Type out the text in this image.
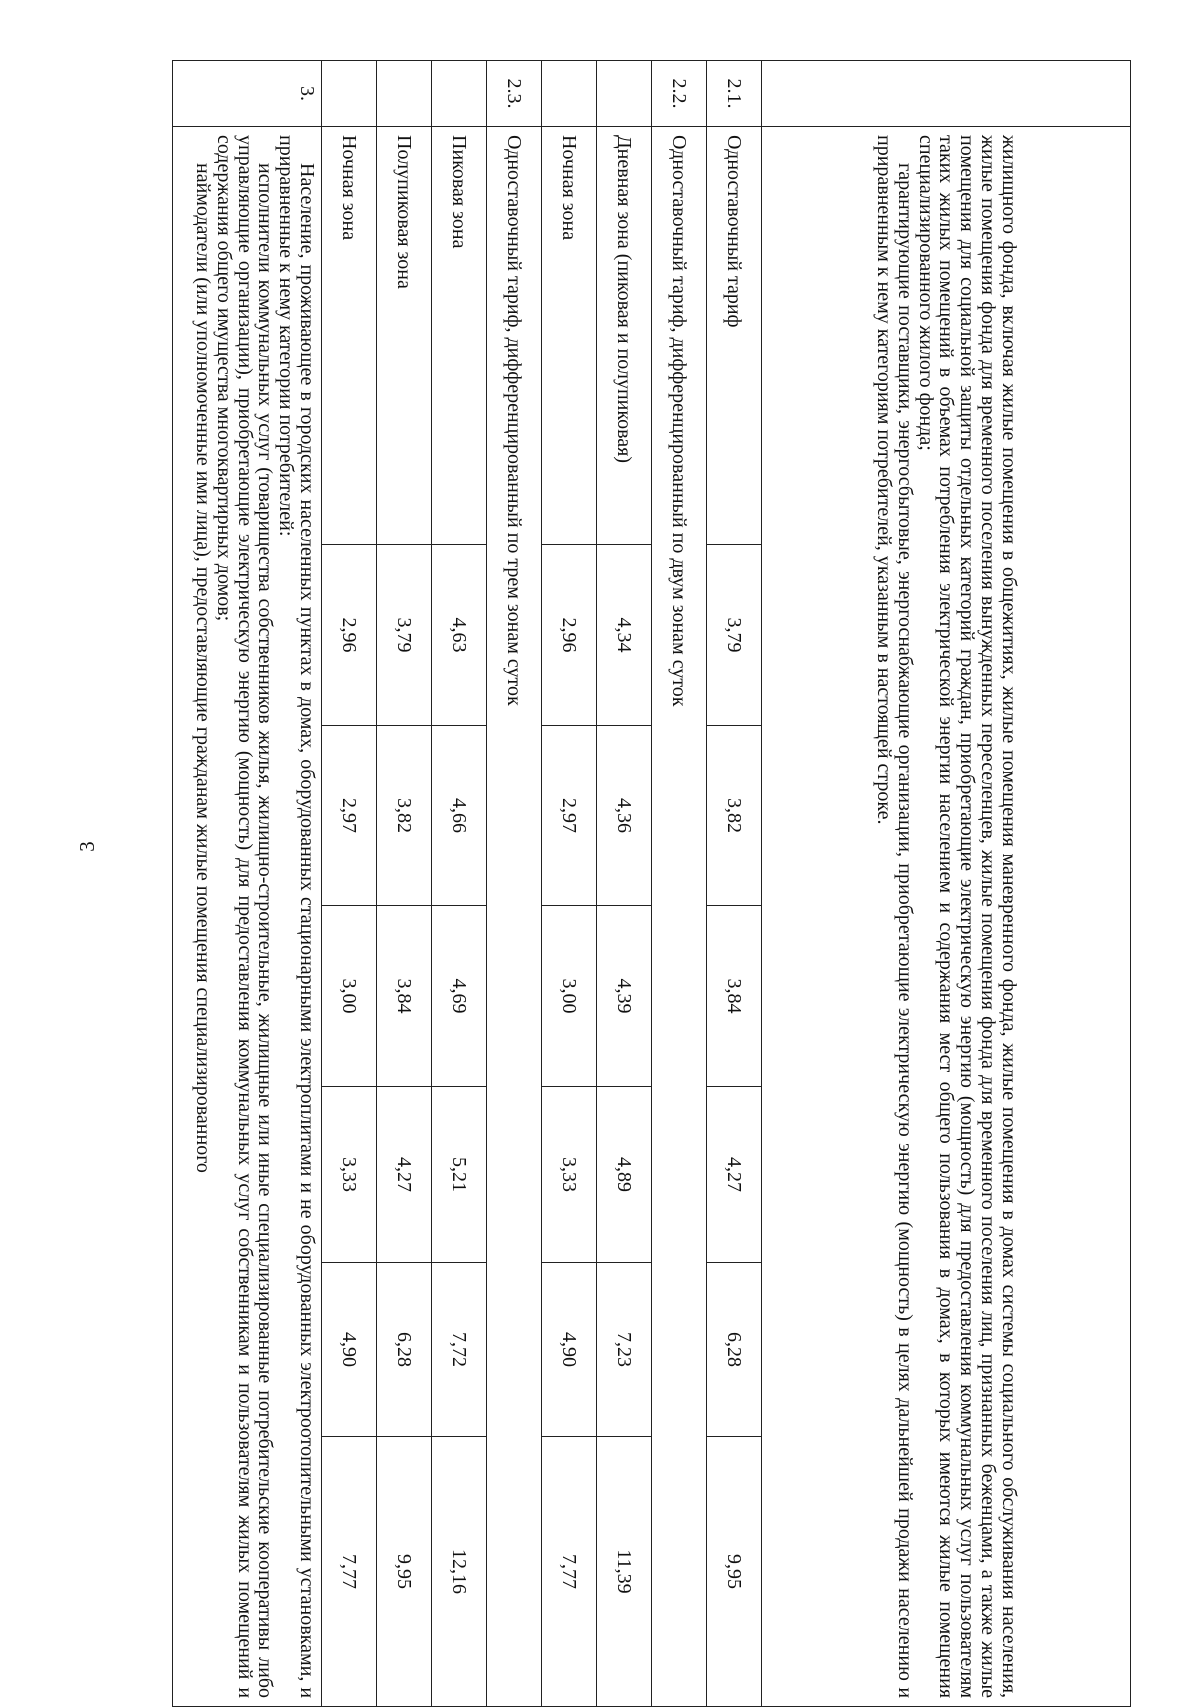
3

	жилищного фонда, включая жилые помещения в общежитиях, жилые помещения маневренного фонда, жилые помещения в домах системы социального обслуживания населения, жилые помещения фонда для временного поселения вынужденных переселенцев, жилые помещения фонда для временного поселения лиц, признанных беженцами, а также жилые помещения для социальной защиты отдельных категорий граждан, приобретающие электрическую энергию (мощность) для предоставления коммунальных услуг пользователям таких жилых помещений в объемах потребления электрической энергии населением и содержания мест общего пользования в домах, в которых имеются жилые помещения специализированного жилого фонда;
гарантирующие поставщики, энергосбытовые, энергоснабжающие организации, приобретающие электрическую энергию (мощность) в целях дальнейшей продажи населению и приравненным к нему категориям потребителей, указанным в настоящей строке.						

2.1.	Одноставочный тариф	3,79	3,82	3,84	4,27	6,28	9,95
2.2.	Одноставочный тариф, дифференцированный по двум зонам суток						
	Дневная зона (пиковая и полупиковая)	4,34	4,36	4,39	4,89	7,23	11,39
	Ночная зона	2,96	2,97	3,00	3,33	4,90	7,77
2.3.	Одноставочный тариф, дифференцированный по трем зонам суток						
	Пиковая зона	4,63	4,66	4,69	5,21	7,72	12,16
	Полупиковая зона	3,79	3,82	3,84	4,27	6,28	9,95
	Ночная зона	2,96	2,97	3,00	3,33	4,90	7,77
3.	Население, проживающее в городских населенных пунктах в домах, оборудованных стационарными электроплитами и не оборудованных электроотопительными установками, и приравненные к нему категории потребителей:
исполнители коммунальных услуг (товарищества собственников жилья, жилищно-строительные, жилищные или иные специализированные потребительские кооперативы либо управляющие организации), приобретающие электрическую энергию (мощность) для предоставления коммунальных услуг собственникам и пользователям жилых помещений и содержания общего имущества многоквартирных домов;
наймодатели (или уполномоченные ими лица), предоставляющие гражданам жилые помещения специализированного						
